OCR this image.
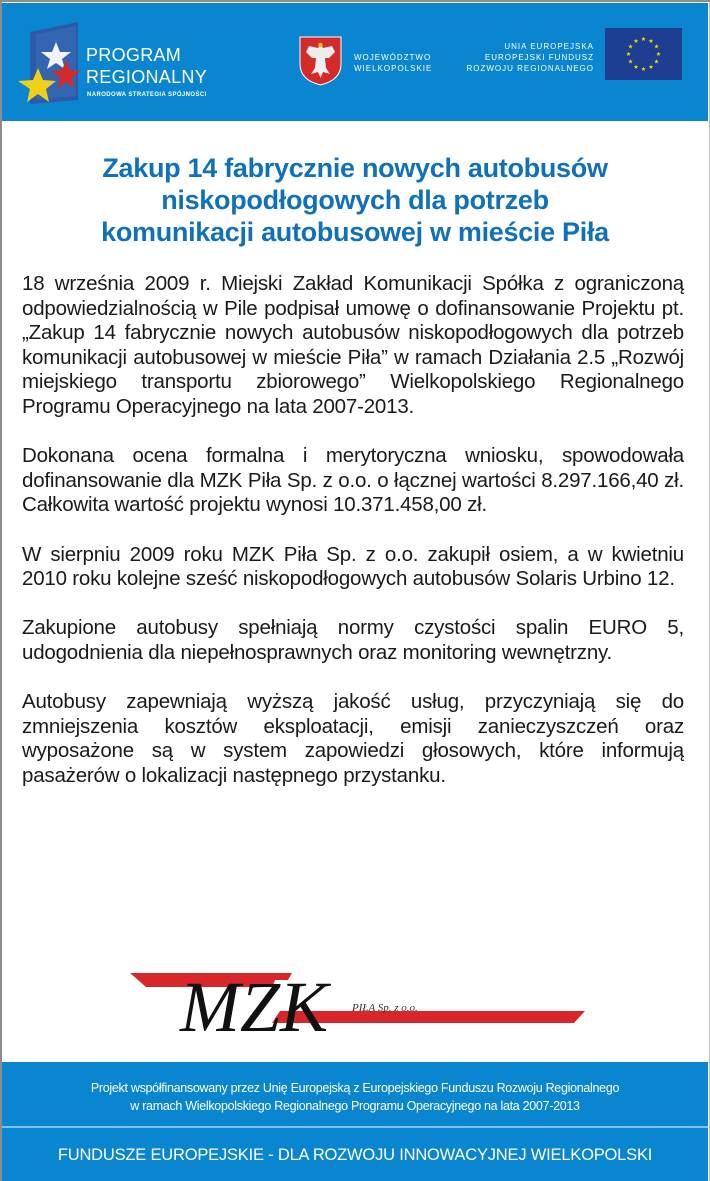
PROGRAM
REGIONALNY
NARODOWA STRATEGIA SPÓJNOŚCI
WOJEWÓDZTWO
WIELKOPOLSKIE
UNIA EUROPEJSKA
EUROPEJSKI FUNDUSZ
ROZWOJU REGIONALNEGO
Zakup 14 fabrycznie nowych autobusów
niskopodłogowych dla potrzeb
komunikacji autobusowej w mieście Piła

18 września 2009 r. Miejski Zakład Komunikacji Spółka z ograniczoną odpowiedzialnością w Pile podpisał umowę o dofinansowanie Projektu pt. „Zakup 14 fabrycznie nowych autobusów niskopodłogowych dla potrzeb komunikacji autobusowej w mieście Piła” w ramach Działania 2.5 „Rozwój miejskiego transportu zbiorowego” Wielkopolskiego Regionalnego Programu Operacyjnego na lata 2007-2013.

Dokonana ocena formalna i merytoryczna wniosku, spowodowała dofinansowanie dla MZK Piła Sp. z o.o. o łącznej wartości 8.297.166,40 zł. Całkowita wartość projektu wynosi 10.371.458,00 zł.

W sierpniu 2009 roku MZK Piła Sp. z o.o. zakupił osiem, a w kwietniu 2010 roku kolejne sześć niskopodłogowych autobusów Solaris Urbino 12.

Zakupione autobusy spełniają normy czystości spalin EURO 5, udogodnienia dla niepełnosprawnych oraz monitoring wewnętrzny.

Autobusy zapewniają wyższą jakość usług, przyczyniają się do zmniejszenia kosztów eksploatacji, emisji zanieczyszczeń oraz wyposażone są w system zapowiedzi głosowych, które informują pasażerów o lokalizacji następnego przystanku.

MZK	PIŁA Sp. z o.o.
Projekt współfinansowany przez Unię Europejską z Europejskiego Funduszu Rozwoju Regionalnego
w ramach Wielkopolskiego Regionalnego Programu Operacyjnego na lata 2007-2013
FUNDUSZE EUROPEJSKIE - DLA ROZWOJU INNOWACYJNEJ WIELKOPOLSKI
